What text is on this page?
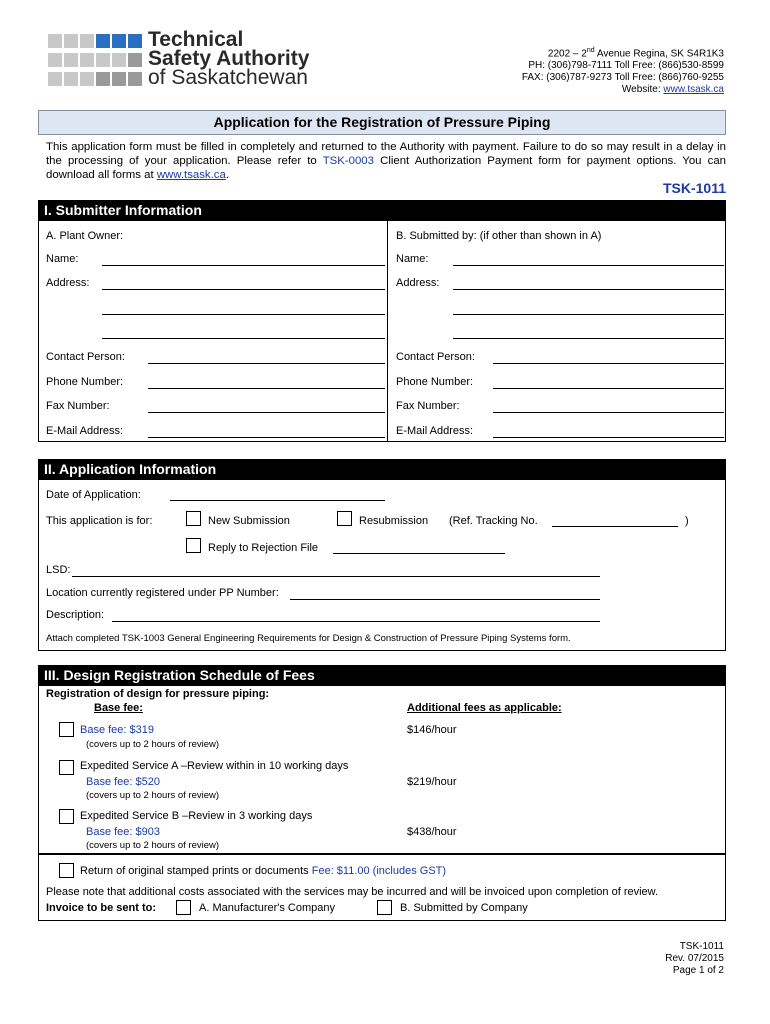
Technical
Safety Authority
of Saskatchewan
2202 – 2nd Avenue Regina, SK S4R1K3
PH: (306)798-7111 Toll Free: (866)530-8599
FAX: (306)787-9273 Toll Free: (866)760-9255
Website: www.tsask.ca
Application for the Registration of Pressure Piping
This application form must be filled in completely and returned to the Authority with payment. Failure to do so may result in a delay in the processing of your application. Please refer to TSK-0003 Client Authorization Payment form for payment options. You can download all forms at www.tsask.ca.
TSK-1011
I. Submitter Information
A. Plant Owner:	B. Submitted by: (if other than shown in A)
Name:	Name:
Address:	Address:
Contact Person:	Contact Person:
Phone Number:	Phone Number:
Fax Number:	Fax Number:
E-Mail Address:	E-Mail Address:
II. Application Information
Date of Application:
This application is for:	New Submission	Resubmission (Ref. Tracking No.	)
Reply to Rejection File
LSD:
Location currently registered under PP Number:
Description:
Attach completed TSK-1003 General Engineering Requirements for Design & Construction of Pressure Piping Systems form.
III. Design Registration Schedule of Fees
Registration of design for pressure piping:
Base fee:	Additional fees as applicable:
Base fee: $319
(covers up to 2 hours of review)
$146/hour
Expedited Service A –Review within in 10 working days
Base fee: $520
(covers up to 2 hours of review)
$219/hour
Expedited Service B –Review in 3 working days
Base fee: $903
(covers up to 2 hours of review)
$438/hour
Return of original stamped prints or documents Fee: $11.00 (includes GST)
Please note that additional costs associated with the services may be incurred and will be invoiced upon completion of review.
Invoice to be sent to:	A. Manufacturer's Company	B. Submitted by Company
TSK-1011
Rev. 07/2015
Page 1 of 2
